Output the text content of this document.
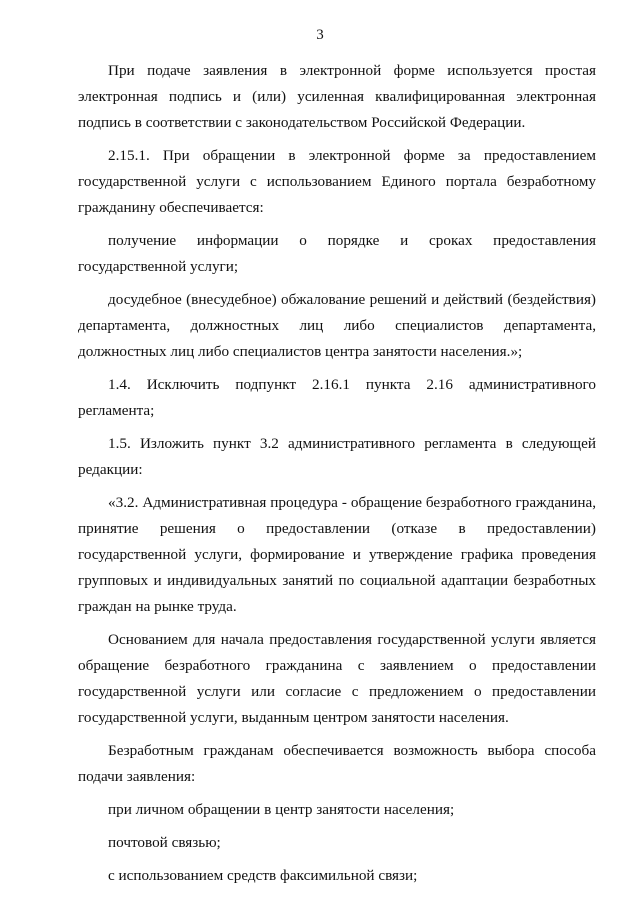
3

При подаче заявления в электронной форме используется простая электронная подпись и (или) усиленная квалифицированная электронная подпись в соответствии с законодательством Российской Федерации.

2.15.1. При обращении в электронной форме за предоставлением государственной услуги с использованием Единого портала безработному гражданину обеспечивается:

получение информации о порядке и сроках предоставления государственной услуги;

досудебное (внесудебное) обжалование решений и действий (бездействия) департамента, должностных лиц либо специалистов департамента, должностных лиц либо специалистов центра занятости населения.»;

1.4. Исключить подпункт 2.16.1 пункта 2.16 административного регламента;

1.5. Изложить пункт 3.2 административного регламента в следующей редакции:

«3.2. Административная процедура - обращение безработного гражданина, принятие решения о предоставлении (отказе в предоставлении) государственной услуги, формирование и утверждение графика проведения групповых и индивидуальных занятий по социальной адаптации безработных граждан на рынке труда.

Основанием для начала предоставления государственной услуги является обращение безработного гражданина с заявлением о предоставлении государственной услуги или согласие с предложением о предоставлении государственной услуги, выданным центром занятости населения.

Безработным гражданам обеспечивается возможность выбора способа подачи заявления:

при личном обращении в центр занятости населения;

почтовой связью;

с использованием средств факсимильной связи;
